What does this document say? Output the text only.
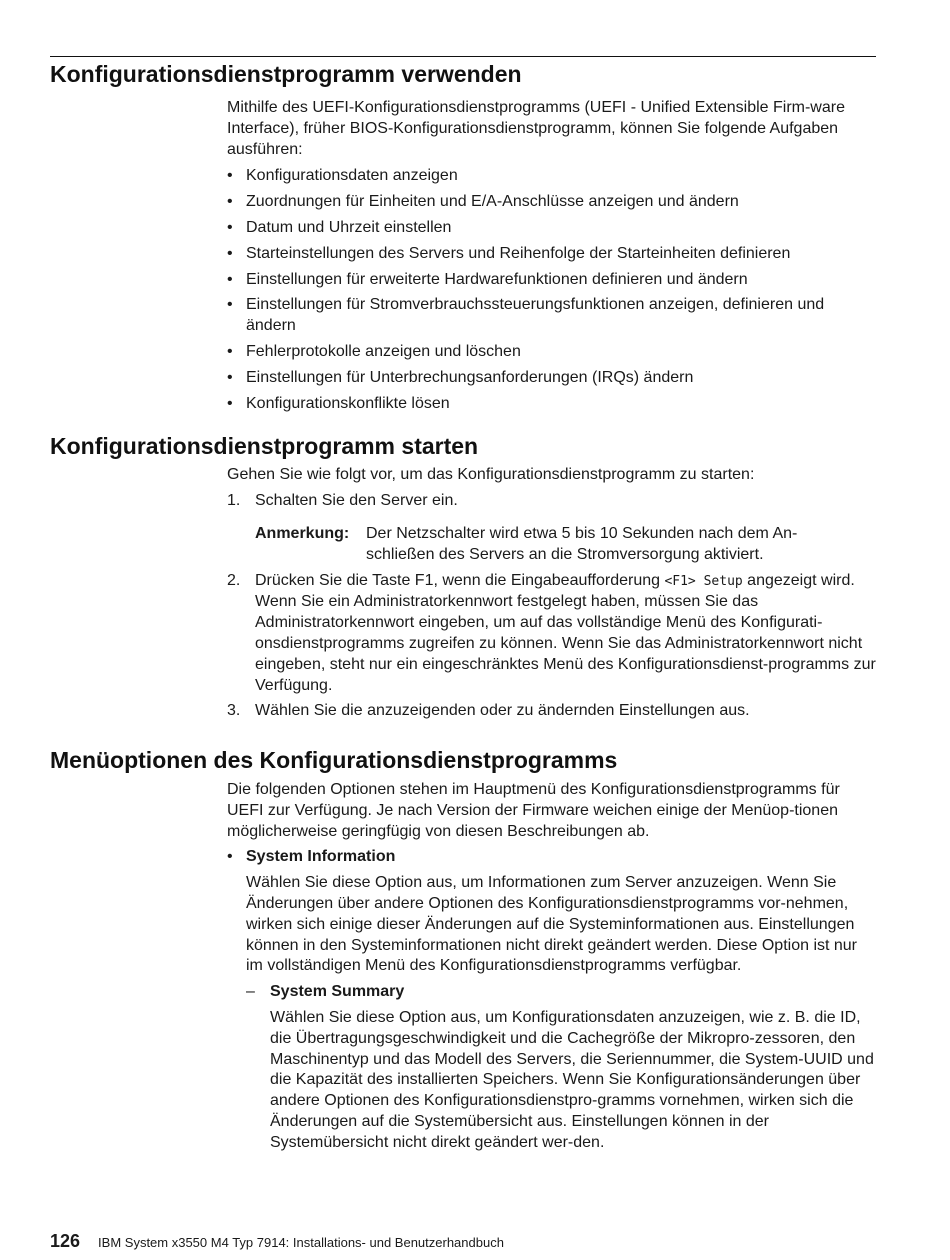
Konfigurationsdienstprogramm verwenden

Mithilfe des UEFI-Konfigurationsdienstprogramms (UEFI - Unified Extensible Firm-ware Interface), früher BIOS-Konfigurationsdienstprogramm, können Sie folgende Aufgaben ausführen:

• Konfigurationsdaten anzeigen
• Zuordnungen für Einheiten und E/A-Anschlüsse anzeigen und ändern
• Datum und Uhrzeit einstellen
• Starteinstellungen des Servers und Reihenfolge der Starteinheiten definieren
• Einstellungen für erweiterte Hardwarefunktionen definieren und ändern
• Einstellungen für Stromverbrauchssteuerungsfunktionen anzeigen, definieren und ändern
• Fehlerprotokolle anzeigen und löschen
• Einstellungen für Unterbrechungsanforderungen (IRQs) ändern
• Konfigurationskonflikte lösen
Konfigurationsdienstprogramm starten

Gehen Sie wie folgt vor, um das Konfigurationsdienstprogramm zu starten:

1. Schalten Sie den Server ein.
Anmerkung:	Der Netzschalter wird etwa 5 bis 10 Sekunden nach dem An-schließen des Servers an die Stromversorgung aktiviert.
2. Drücken Sie die Taste F1, wenn die Eingabeaufforderung <F1> Setup angezeigt wird. Wenn Sie ein Administratorkennwort festgelegt haben, müssen Sie das Administratorkennwort eingeben, um auf das vollständige Menü des Konfigurati-onsdienstprogramms zugreifen zu können. Wenn Sie das Administratorkennwort nicht eingeben, steht nur ein eingeschränktes Menü des Konfigurationsdienst-programms zur Verfügung.
3. Wählen Sie die anzuzeigenden oder zu ändernden Einstellungen aus.
Menüoptionen des Konfigurationsdienstprogramms

Die folgenden Optionen stehen im Hauptmenü des Konfigurationsdienstprogramms für UEFI zur Verfügung. Je nach Version der Firmware weichen einige der Menüop-tionen möglicherweise geringfügig von diesen Beschreibungen ab.

• System Information

Wählen Sie diese Option aus, um Informationen zum Server anzuzeigen. Wenn Sie Änderungen über andere Optionen des Konfigurationsdienstprogramms vor-nehmen, wirken sich einige dieser Änderungen auf die Systeminformationen aus. Einstellungen können in den Systeminformationen nicht direkt geändert werden. Diese Option ist nur im vollständigen Menü des Konfigurationsdienstprogramms verfügbar.

– System Summary

Wählen Sie diese Option aus, um Konfigurationsdaten anzuzeigen, wie z. B. die ID, die Übertragungsgeschwindigkeit und die Cachegröße der Mikropro-zessoren, den Maschinentyp und das Modell des Servers, die Seriennummer, die System-UUID und die Kapazität des installierten Speichers. Wenn Sie Konfigurationsänderungen über andere Optionen des Konfigurationsdienstpro-gramms vornehmen, wirken sich die Änderungen auf die Systemübersicht aus. Einstellungen können in der Systemübersicht nicht direkt geändert wer-den.

126 IBM System x3550 M4 Typ 7914: Installations- und Benutzerhandbuch
